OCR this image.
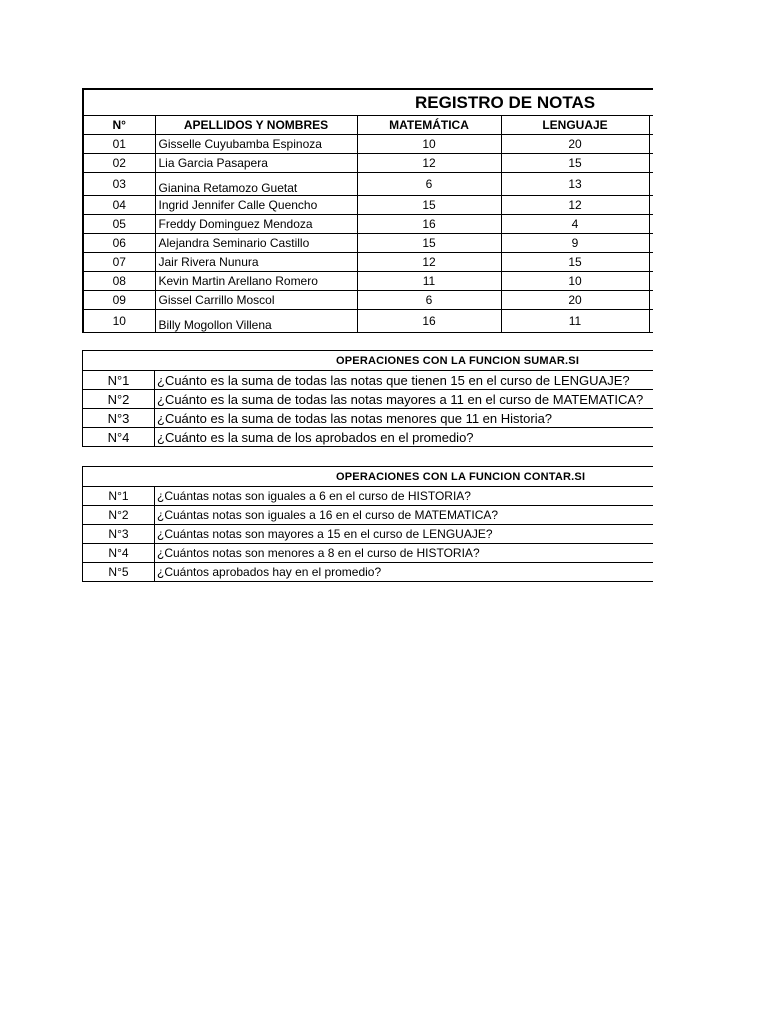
		REGISTRO DE NOTAS		
N°	APELLIDOS Y NOMBRES	MATEMÁTICA	LENGUAJE	
01	Gisselle Cuyubamba Espinoza	10	20	
02	Lia Garcia Pasapera	12	15	
03	Gianina Retamozo Guetat	6	13	
04	Ingrid Jennifer Calle Quencho	15	12	
05	Freddy Dominguez Mendoza	16	4	
06	Alejandra Seminario Castillo	15	9	
07	Jair Rivera Nunura	12	15	
08	Kevin Martin Arellano Romero	11	10	
09	Gissel Carrillo Moscol	6	20	
10	Billy Mogollon Villena	16	11	
OPERACIONES CON LA FUNCION SUMAR.SI	
N°1	¿Cuánto es la suma de todas las notas que tienen 15 en el curso de LENGUAJE?
N°2	¿Cuánto es la suma de todas las notas mayores a 11 en el curso de MATEMATICA?
N°3	¿Cuánto es la suma de todas las notas menores que 11 en Historia?
N°4	¿Cuánto es la suma de los aprobados en el promedio?
OPERACIONES CON LA FUNCION CONTAR.SI	
N°1	¿Cuántas notas son iguales a 6 en el curso de HISTORIA?
N°2	¿Cuántas notas son iguales a 16 en el curso de MATEMATICA?
N°3	¿Cuántas notas son mayores a 15 en el curso de LENGUAJE?
N°4	¿Cuántos notas son menores a 8 en el curso de HISTORIA?
N°5	¿Cuántos aprobados hay en el promedio?
